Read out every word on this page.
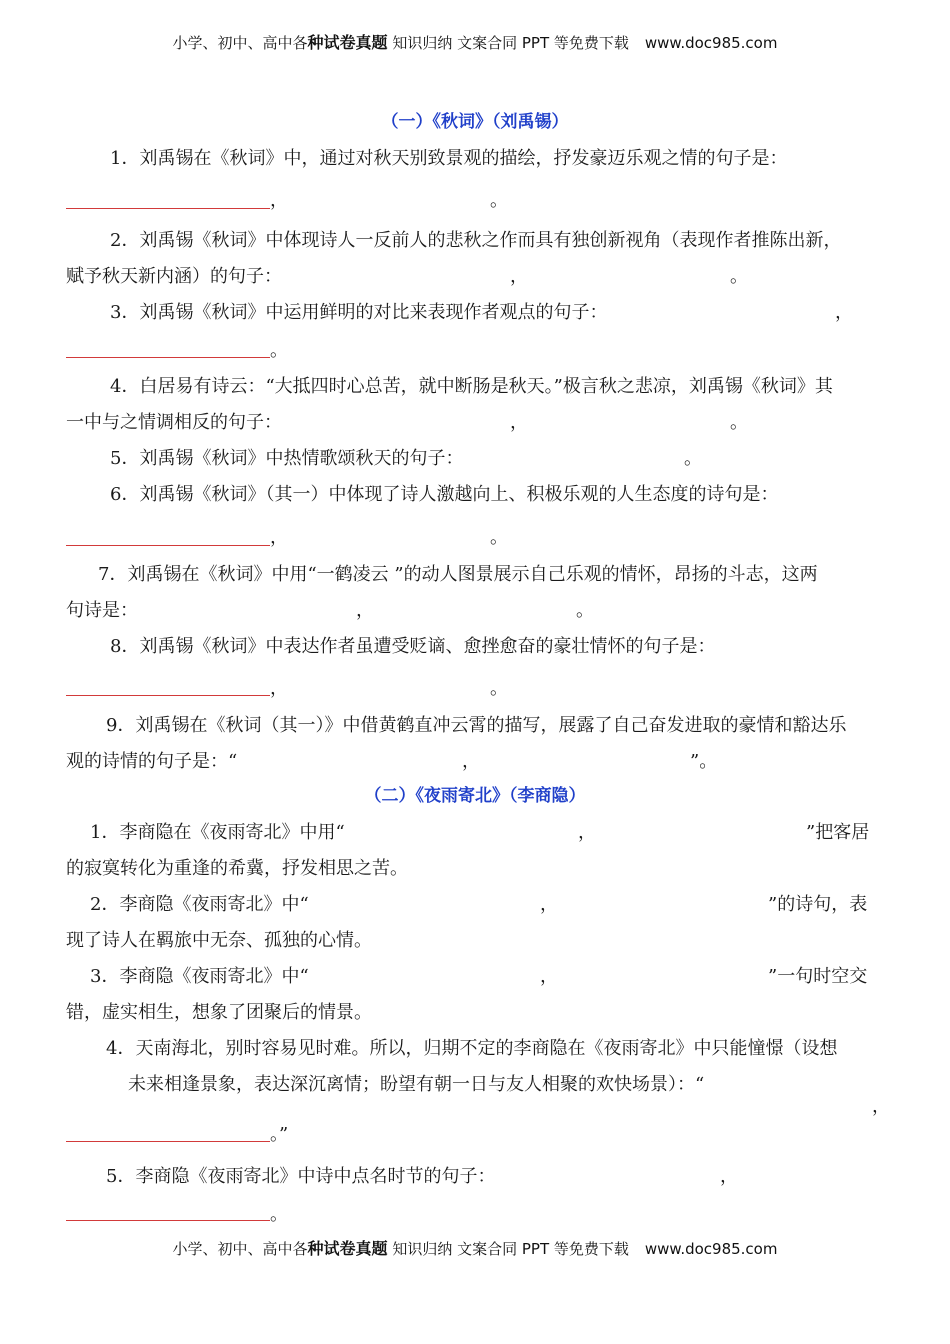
小学、初中、高中各种试卷真题 知识归纳 文案合同 PPT 等免费下载 www.doc985.com
（一）《秋词》（刘禹锡）
1．刘禹锡在《秋词》中，通过对秋天别致景观的描绘，抒发豪迈乐观之情的句子是：
，	。
2．刘禹锡《秋词》中体现诗人一反前人的悲秋之作而具有独创新视角（表现作者推陈出新，
赋予秋天新内涵）的句子：	，	。
3．刘禹锡《秋词》中运用鲜明的对比来表现作者观点的句子：	，
。
4．白居易有诗云：“大抵四时心总苦，就中断肠是秋天。”极言秋之悲凉，刘禹锡《秋词》其
一中与之情调相反的句子：	，	。
5．刘禹锡《秋词》中热情歌颂秋天的句子：	。
6．刘禹锡《秋词》（其一）中体现了诗人激越向上、积极乐观的人生态度的诗句是：
，	。
7．刘禹锡在《秋词》中用“一鹤凌云 ”的动人图景展示自己乐观的情怀，昂扬的斗志，这两
句诗是：	，	。
8．刘禹锡《秋词》中表达作者虽遭受贬谪、愈挫愈奋的豪壮情怀的句子是：
，	。
9．刘禹锡在《秋词（其一）》中借黄鹤直冲云霄的描写，展露了自己奋发进取的豪情和豁达乐
观的诗情的句子是：“	，	”。
（二）《夜雨寄北》（李商隐）
1．李商隐在《夜雨寄北》中用“	，	”把客居
的寂寞转化为重逢的希冀，抒发相思之苦。
2．李商隐《夜雨寄北》中“	，	”的诗句，表
现了诗人在羁旅中无奈、孤独的心情。
3．李商隐《夜雨寄北》中“	，	”一句时空交
错，虚实相生，想象了团聚后的情景。
4．天南海北，别时容易见时难。所以，归期不定的李商隐在《夜雨寄北》中只能憧憬（设想
未来相逢景象，表达深沉离情；盼望有朝一日与友人相聚的欢快场景）：“
，
。”
5．李商隐《夜雨寄北》中诗中点名时节的句子：	，
。
小学、初中、高中各种试卷真题 知识归纳 文案合同 PPT 等免费下载 www.doc985.com
